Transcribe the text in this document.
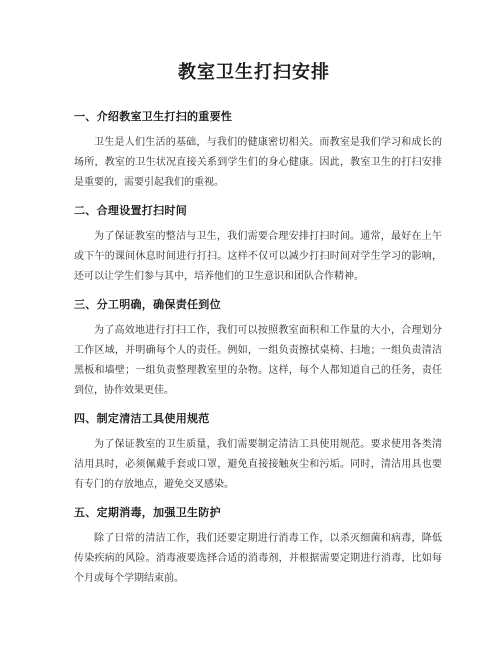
教室卫生打扫安排
一、介绍教室卫生打扫的重要性

卫生是人们生活的基础，与我们的健康密切相关。而教室是我们学习和成长的场所，教室的卫生状况直接关系到学生们的身心健康。因此，教室卫生的打扫安排是重要的，需要引起我们的重视。

二、合理设置打扫时间

为了保证教室的整洁与卫生，我们需要合理安排打扫时间。通常，最好在上午或下午的课间休息时间进行打扫。这样不仅可以减少打扫时间对学生学习的影响，还可以让学生们参与其中，培养他们的卫生意识和团队合作精神。

三、分工明确，确保责任到位

为了高效地进行打扫工作，我们可以按照教室面积和工作量的大小，合理划分工作区域，并明确每个人的责任。例如，一组负责擦拭桌椅、扫地；一组负责清洁黑板和墙壁；一组负责整理教室里的杂物。这样，每个人都知道自己的任务，责任到位，协作效果更佳。

四、制定清洁工具使用规范

为了保证教室的卫生质量，我们需要制定清洁工具使用规范。要求使用各类清洁用具时，必须佩戴手套或口罩，避免直接接触灰尘和污垢。同时，清洁用具也要有专门的存放地点，避免交叉感染。

五、定期消毒，加强卫生防护

除了日常的清洁工作，我们还要定期进行消毒工作，以杀灭细菌和病毒，降低传染疾病的风险。消毒液要选择合适的消毒剂，并根据需要定期进行消毒，比如每个月或每个学期结束前。
